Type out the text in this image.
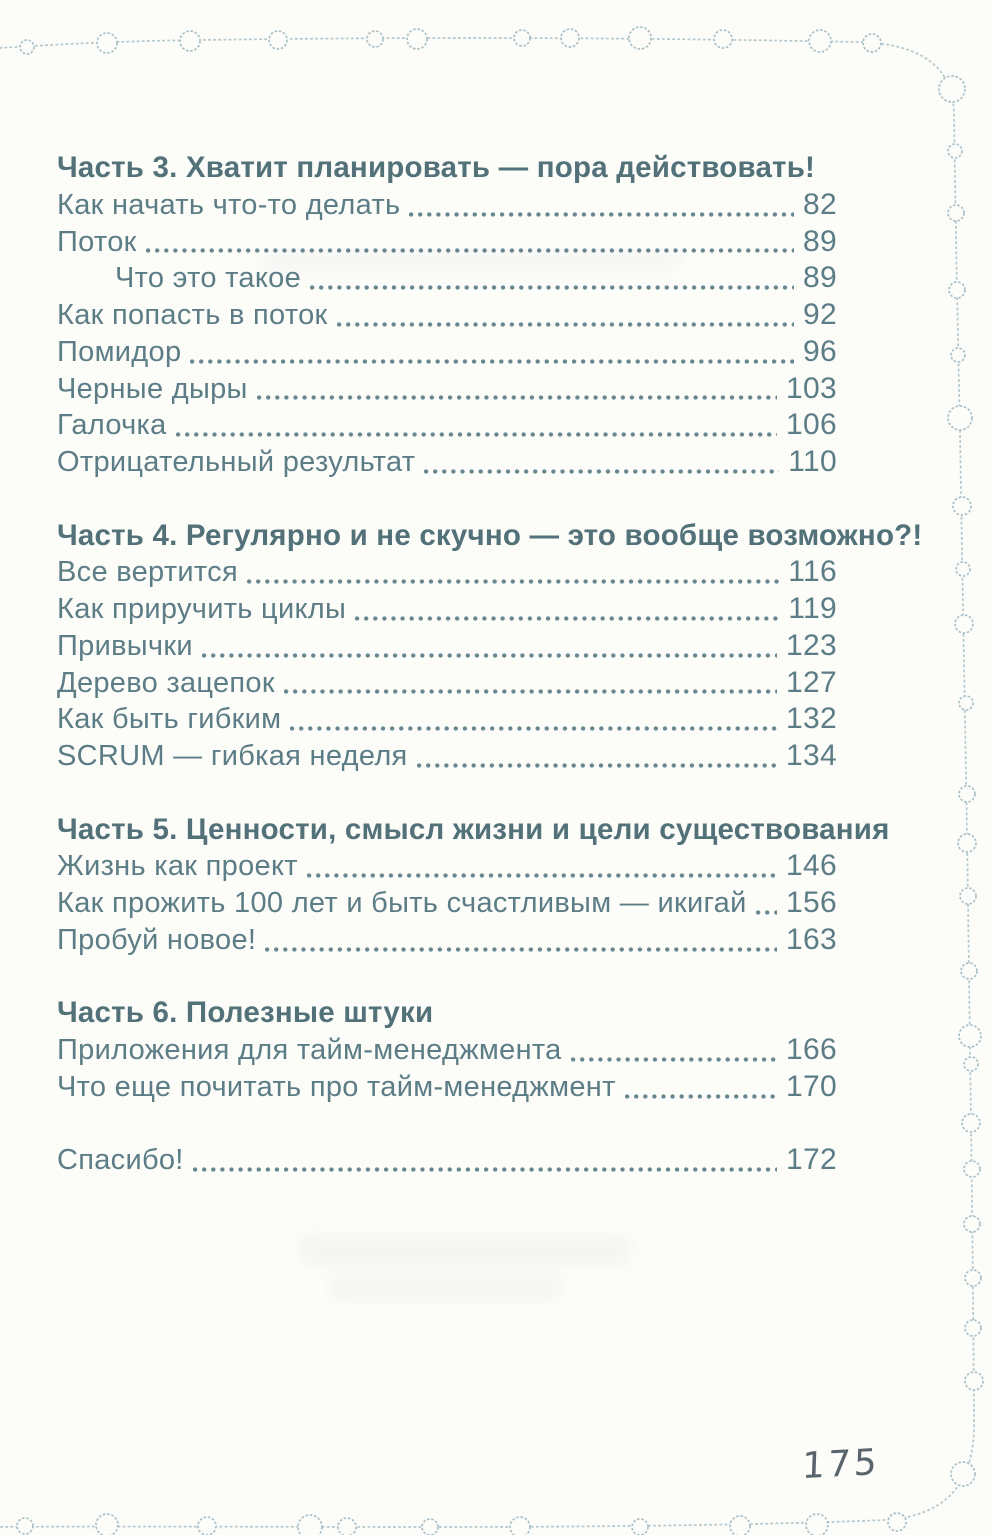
Часть 3. Хватит планировать — пора действовать!
Как начать что-то делать	82
Поток	89
Что это такое	89
Как попасть в поток	92
Помидор	96
Черные дыры	103
Галочка	106
Отрицательный результат	110
Часть 4. Регулярно и не скучно — это вообще возможно?!
Все вертится	116
Как приручить циклы	119
Привычки	123
Дерево зацепок	127
Как быть гибким	132
SCRUM — гибкая неделя	134
Часть 5. Ценности, смысл жизни и цели существования
Жизнь как проект	146
Как прожить 100 лет и быть счастливым — икигай 156
Пробуй новое!	163
Часть 6. Полезные штуки
Приложения для тайм-менеджмента	166
Что еще почитать про тайм-менеджмент	170
Спасибо!	172
175
